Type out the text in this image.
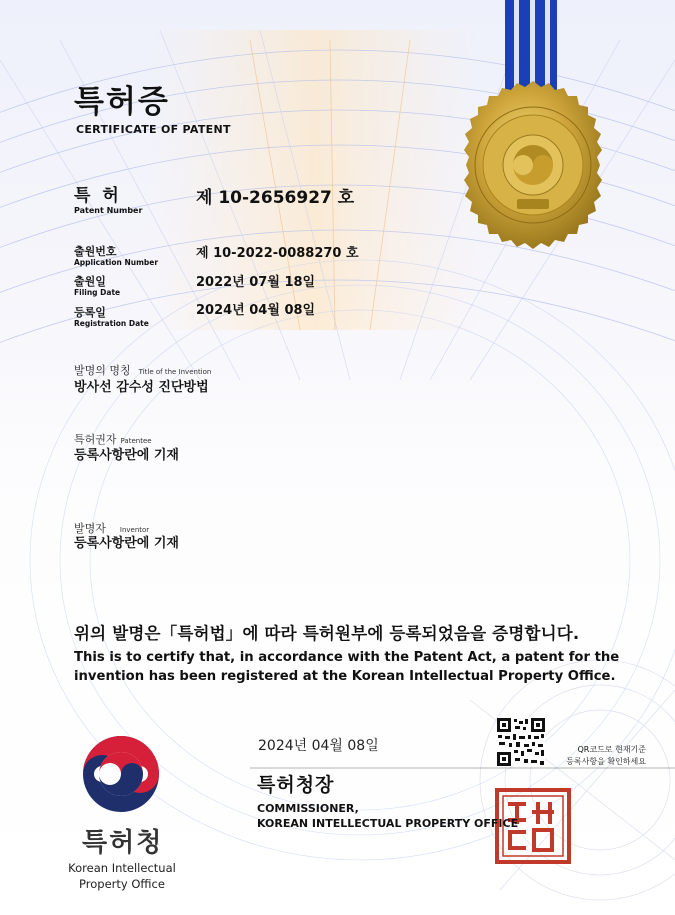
특허증
CERTIFICATE OF PATENT
특 허
Patent Number
제 10-2656927 호
출원번호
Application Number
제 10-2022-0088270 호
출원일
Filing Date
2022년 07월 18일
등록일
Registration Date
2024년 04월 08일
발명의 명칭 Title of the Invention
방사선 감수성 진단방법
특허권자 Patentee
등록사항란에 기재
발명자 Inventor
등록사항란에 기재
위의 발명은「특허법」에 따라 특허원부에 등록되었음을 증명합니다.
This is to certify that, in accordance with the Patent Act, a patent for the
invention has been registered at the Korean Intellectual Property Office.
2024년 04월 08일
특허청장
COMMISSIONER,
KOREAN INTELLECTUAL PROPERTY OFFICE
QR코드로 현재기준
등록사항을 확인하세요
특허청
Korean Intellectual
Property Office
